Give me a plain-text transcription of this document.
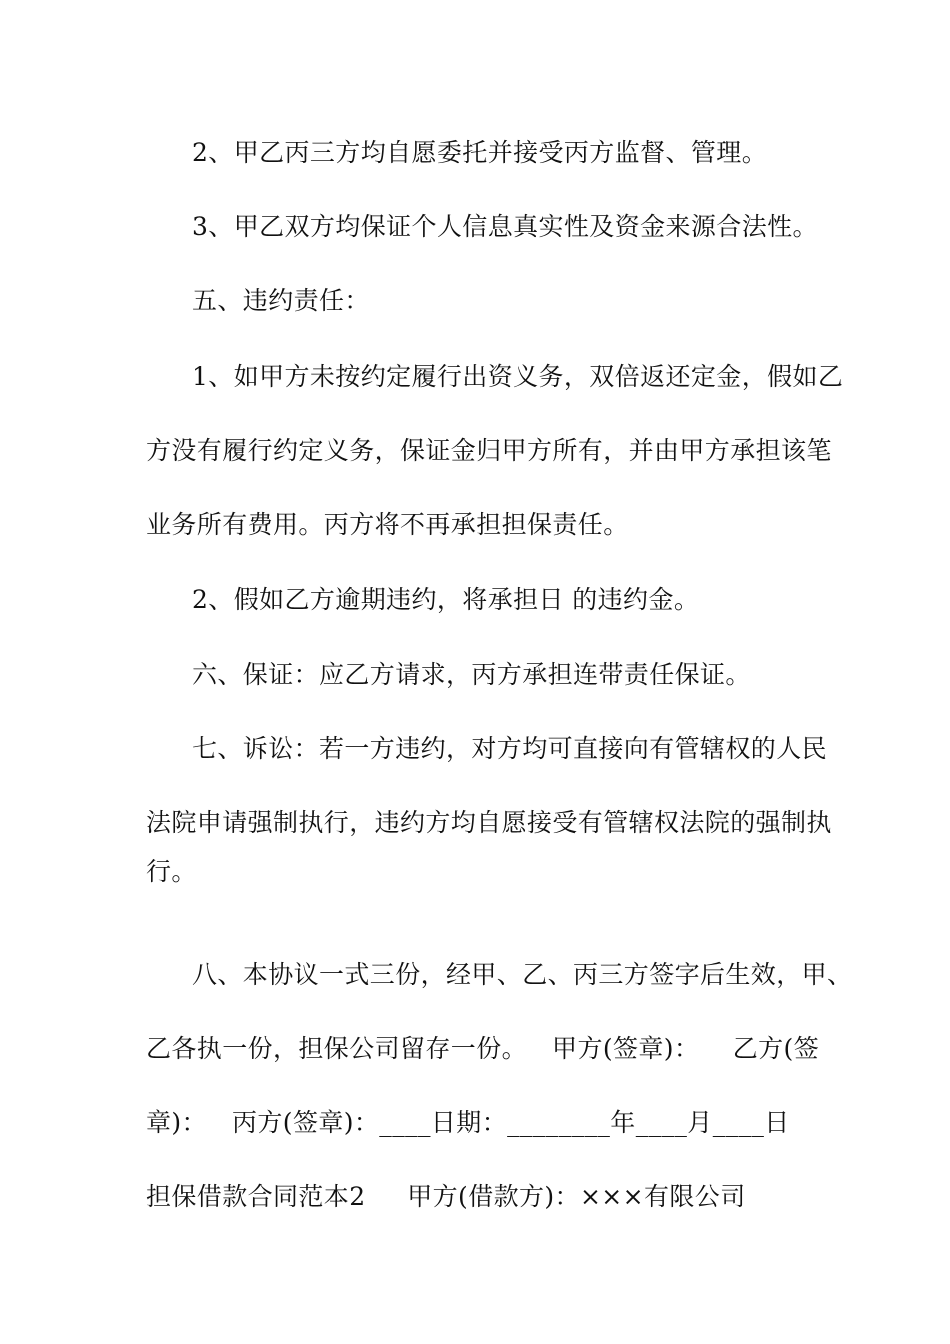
2、甲乙丙三方均自愿委托并接受丙方监督、管理。
3、甲乙双方均保证个人信息真实性及资金来源合法性。
五、违约责任：
1、如甲方未按约定履行出资义务，双倍返还定金，假如乙
方没有履行约定义务，保证金归甲方所有，并由甲方承担该笔
业务所有费用。丙方将不再承担担保责任。
2、假如乙方逾期违约，将承担日 的违约金。
六、保证：应乙方请求，丙方承担连带责任保证。
七、诉讼：若一方违约，对方均可直接向有管辖权的人民
法院申请强制执行，违约方均自愿接受有管辖权法院的强制执
行。
八、本协议一式三份，经甲、乙、丙三方签字后生效，甲、
乙各执一份，担保公司留存一份。   甲方(签章)：    乙方(签
章)：   丙方(签章)：____日期：________年____月____日
担保借款合同范本2     甲方(借款方)：×××有限公司
